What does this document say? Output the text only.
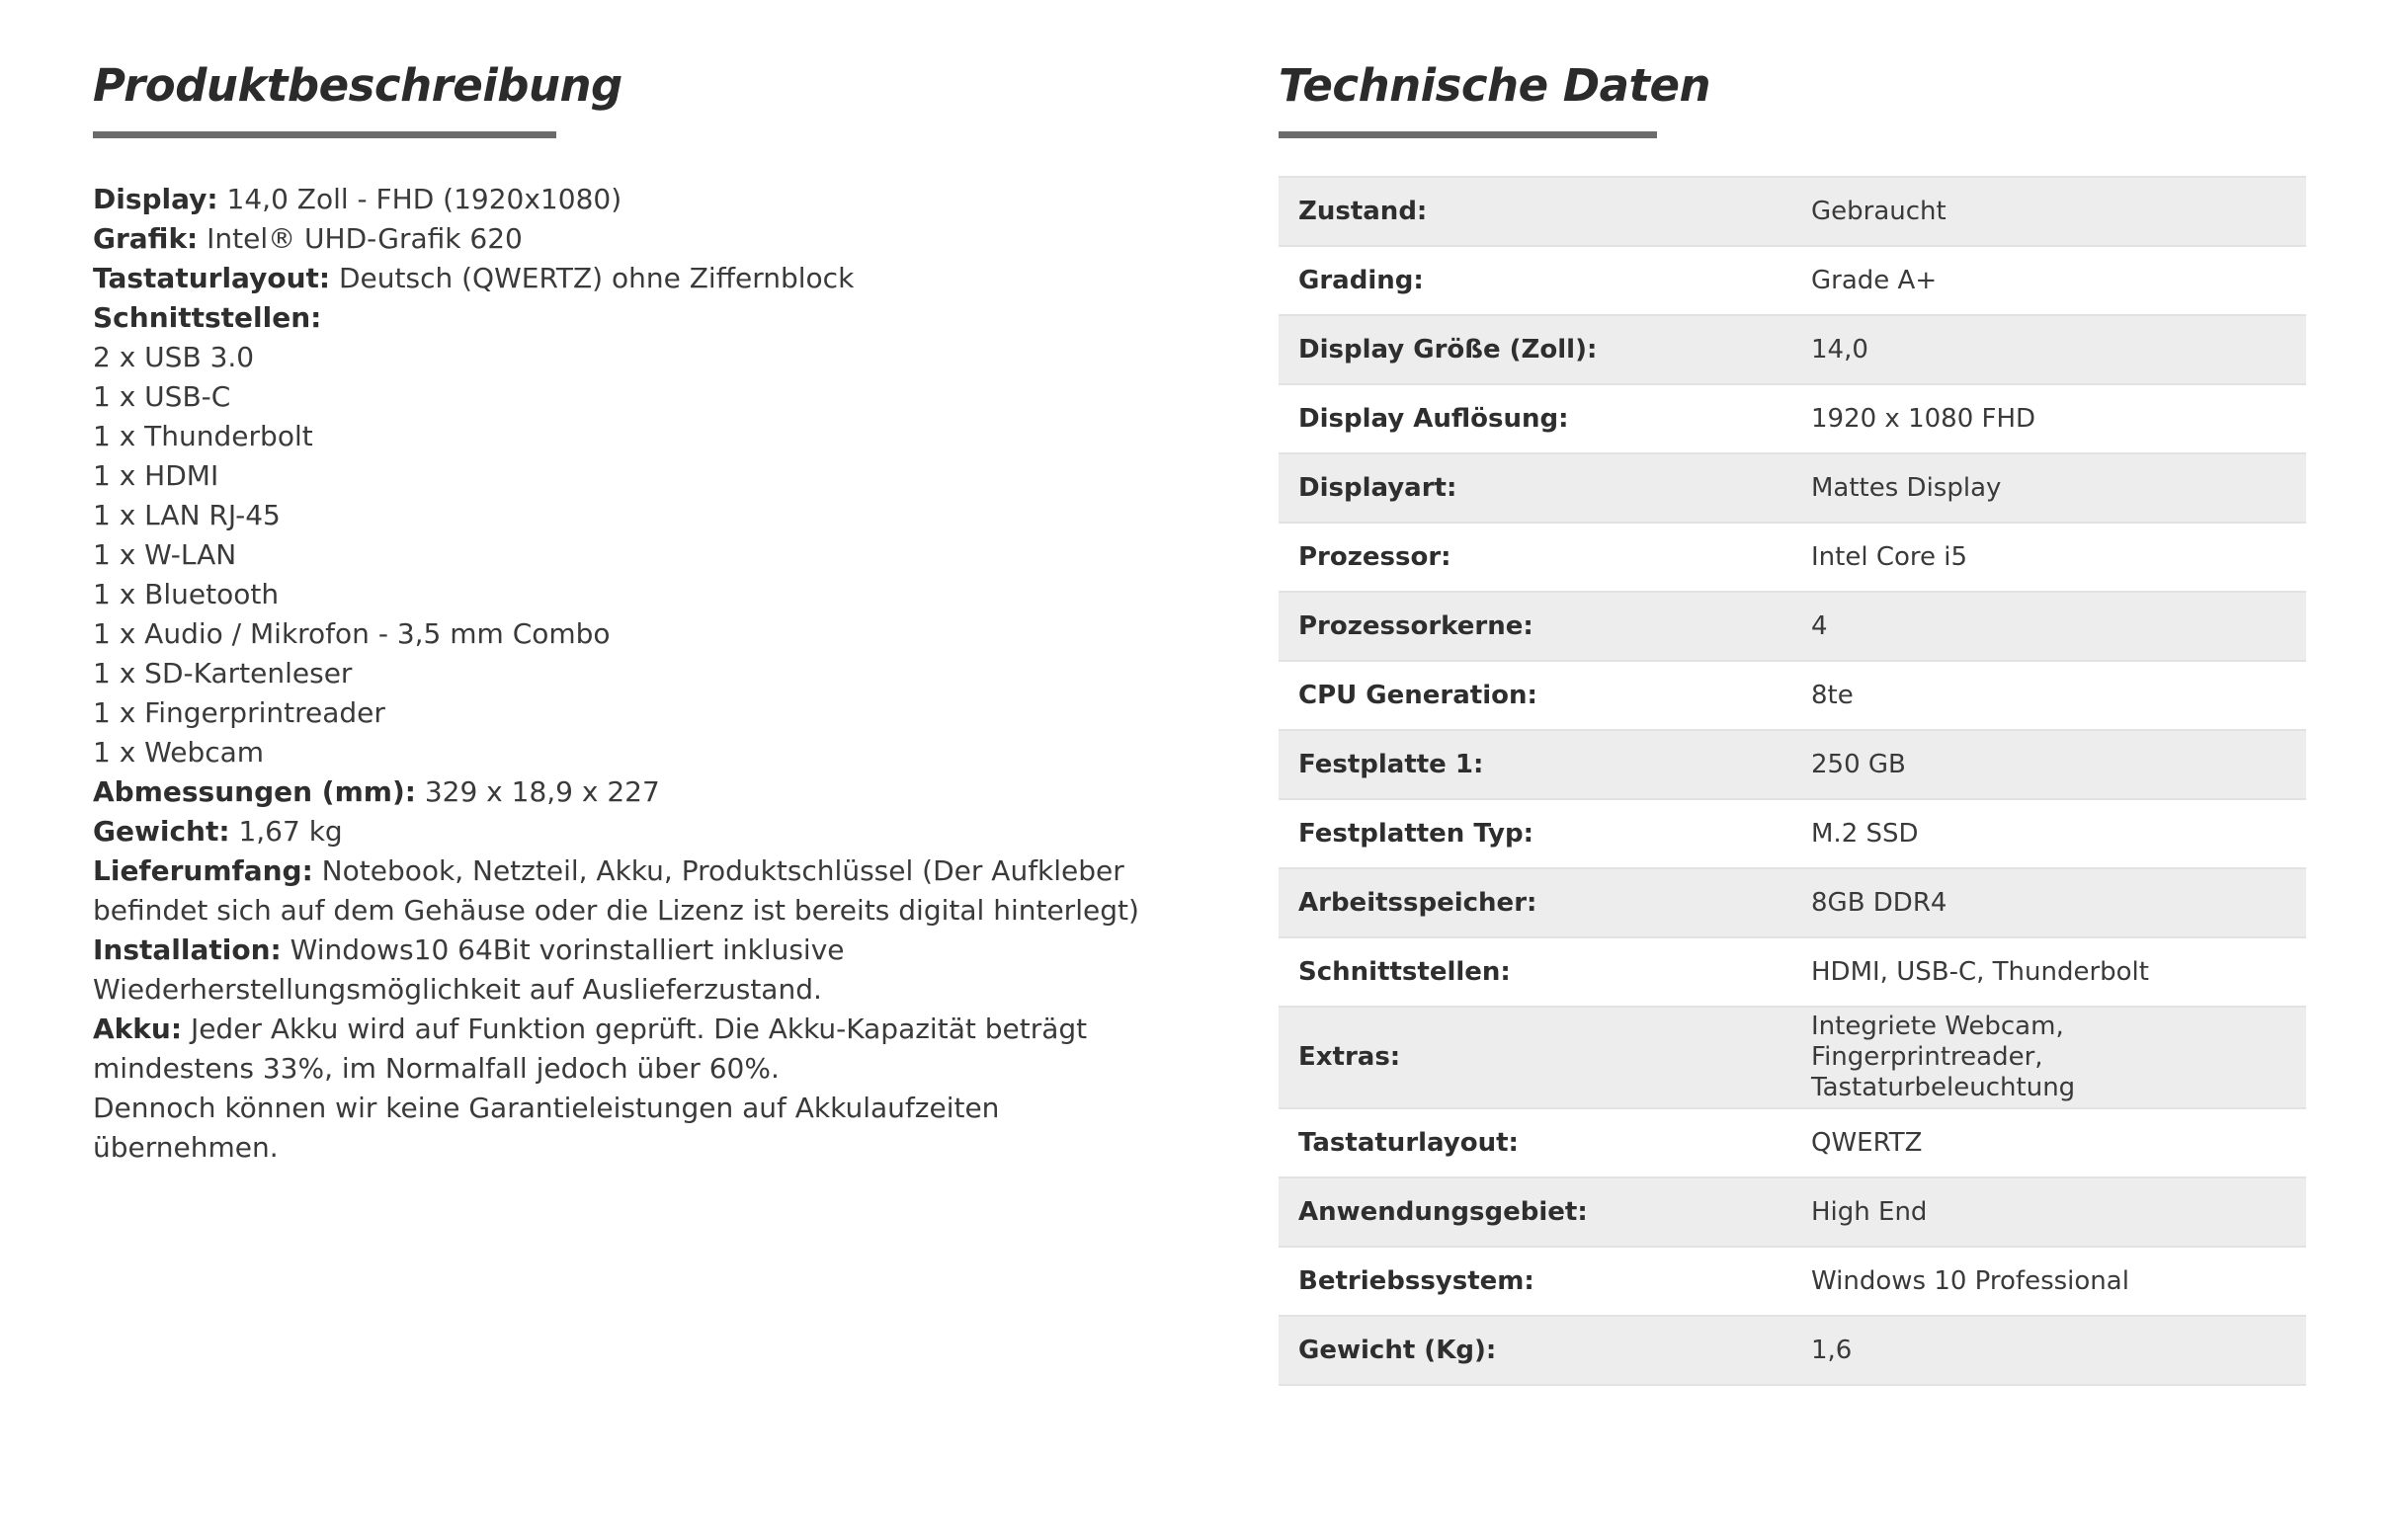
Produktbeschreibung
Display: 14,0 Zoll - FHD (1920x1080)
Grafik: Intel® UHD-Grafik 620
Tastaturlayout: Deutsch (QWERTZ) ohne Ziffernblock
Schnittstellen:
2 x USB 3.0
1 x USB-C
1 x Thunderbolt
1 x HDMI
1 x LAN RJ-45
1 x W-LAN
1 x Bluetooth
1 x Audio / Mikrofon - 3,5 mm Combo
1 x SD-Kartenleser
1 x Fingerprintreader
1 x Webcam
Abmessungen (mm): 329 x 18,9 x 227
Gewicht: 1,67 kg
Lieferumfang: Notebook, Netzteil, Akku, Produktschlüssel (Der Aufkleber befindet sich auf dem Gehäuse oder die Lizenz ist bereits digital hinterlegt)
Installation: Windows10 64Bit vorinstalliert inklusive Wiederherstellungsmöglichkeit auf Auslieferzustand.
Akku: Jeder Akku wird auf Funktion geprüft. Die Akku-Kapazität beträgt mindestens 33%, im Normalfall jedoch über 60%.
Dennoch können wir keine Garantieleistungen auf Akkulaufzeiten übernehmen.
Technische Daten
Zustand:	Gebraucht
Grading:	Grade A+
Display Größe (Zoll):	14,0
Display Auflösung:	1920 x 1080 FHD
Displayart:	Mattes Display
Prozessor:	Intel Core i5
Prozessorkerne:	4
CPU Generation:	8te
Festplatte 1:	250 GB
Festplatten Typ:	M.2 SSD
Arbeitsspeicher:	8GB DDR4
Schnittstellen:	HDMI, USB-C, Thunderbolt
Extras:	Integriete Webcam, Fingerprintreader, Tastaturbeleuchtung
Tastaturlayout:	QWERTZ
Anwendungsgebiet:	High End
Betriebssystem:	Windows 10 Professional
Gewicht (Kg):	1,6
